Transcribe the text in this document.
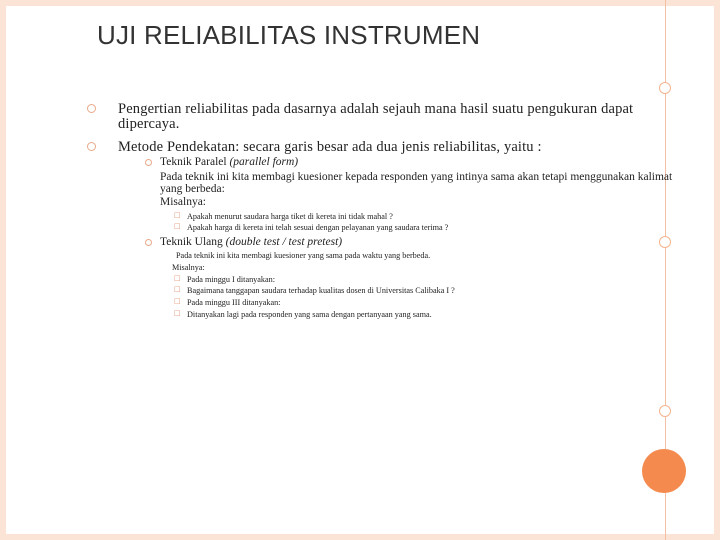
UJI RELIABILITAS INSTRUMEN
Pengertian reliabilitas pada dasarnya adalah sejauh mana hasil suatu pengukuran dapat dipercaya.
Metode Pendekatan: secara garis besar ada dua jenis reliabilitas, yaitu :
Teknik Paralel (parallel form)
Pada teknik ini kita membagi kuesioner kepada responden yang intinya sama akan tetapi menggunakan kalimat
yang berbeda:
Misalnya:
□ Apakah menurut saudara harga tiket di kereta ini tidak mahal ?
□ Apakah harga di kereta ini telah sesuai dengan pelayanan yang saudara terima ?
Teknik Ulang (double test / test pretest)
Pada teknik ini kita membagi kuesioner yang sama pada waktu yang berbeda.
Misalnya:
□ Pada minggu I ditanyakan:
□ Bagaimana tanggapan saudara terhadap kualitas dosen di Universitas Calibaka I ?
□ Pada minggu III ditanyakan:
□ Ditanyakan lagi pada responden yang sama dengan pertanyaan yang sama.
